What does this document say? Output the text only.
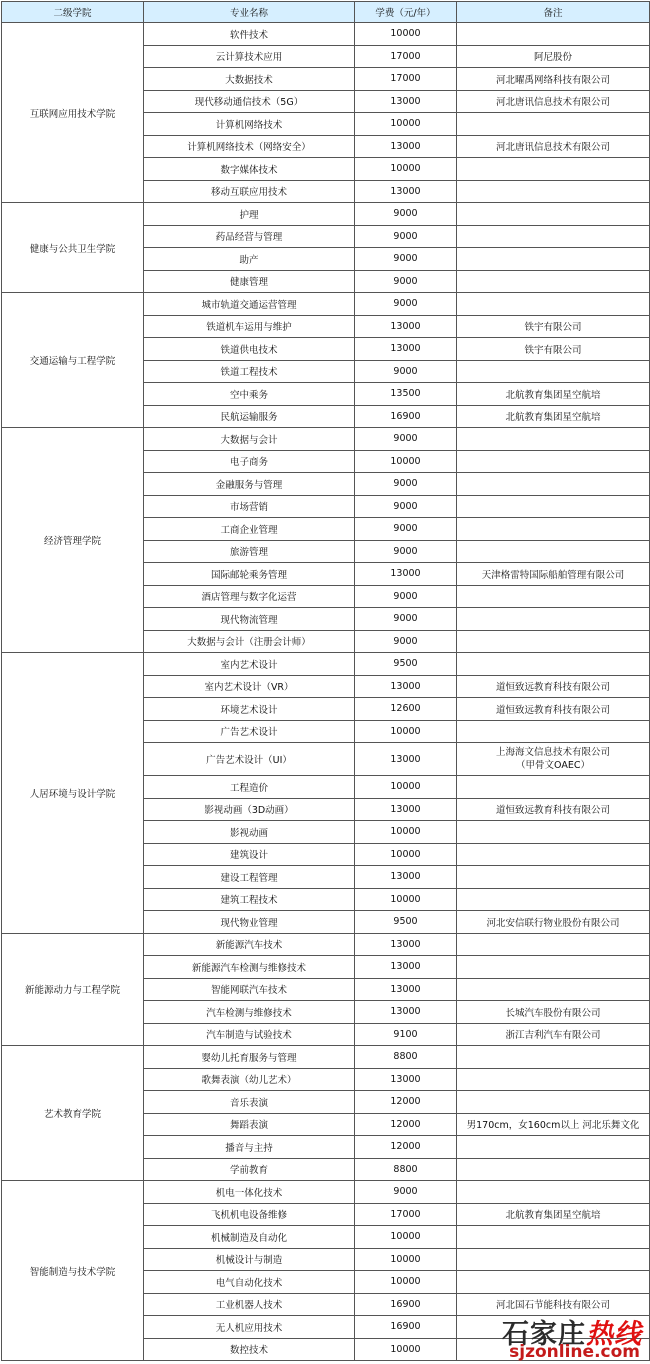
二级学院	专业名称	学费（元/年）	备注
互联网应用技术学院	软件技术	10000	
	云计算技术应用	17000	阿尼股份
	大数据技术	17000	河北曜禹网络科技有限公司
	现代移动通信技术（5G）	13000	河北唐讯信息技术有限公司
	计算机网络技术	10000	
	计算机网络技术（网络安全）	13000	河北唐讯信息技术有限公司
	数字媒体技术	10000	
	移动互联应用技术	13000	
健康与公共卫生学院	护理	9000	
	药品经营与管理	9000	
	助产	9000	
	健康管理	9000	
交通运输与工程学院	城市轨道交通运营管理	9000	
	铁道机车运用与维护	13000	铁宇有限公司
	铁道供电技术	13000	铁宇有限公司
	铁道工程技术	9000	
	空中乘务	13500	北航教育集团星空航培
	民航运输服务	16900	北航教育集团星空航培
经济管理学院	大数据与会计	9000	
	电子商务	10000	
	金融服务与管理	9000	
	市场营销	9000	
	工商企业管理	9000	
	旅游管理	9000	
	国际邮轮乘务管理	13000	天津格雷特国际船舶管理有限公司
	酒店管理与数字化运营	9000	
	现代物流管理	9000	
	大数据与会计（注册会计师）	9000	
人居环境与设计学院	室内艺术设计	9500	
	室内艺术设计（VR）	13000	道恒致远教育科技有限公司
	环境艺术设计	12600	道恒致远教育科技有限公司
	广告艺术设计	10000	
	广告艺术设计（UI）	13000	上海海文信息技术有限公司
（甲骨文OAEC）

	工程造价	10000	
	影视动画（3D动画）	13000	道恒致远教育科技有限公司
	影视动画	10000	
	建筑设计	10000	
	建设工程管理	13000	
	建筑工程技术	10000	
	现代物业管理	9500	河北安信联行物业股份有限公司
新能源动力与工程学院	新能源汽车技术	13000	
	新能源汽车检测与维修技术	13000	
	智能网联汽车技术	13000	
	汽车检测与维修技术	13000	长城汽车股份有限公司
	汽车制造与试验技术	9100	浙江吉利汽车有限公司
艺术教育学院	婴幼儿托育服务与管理	8800	
	歌舞表演（幼儿艺术）	13000	
	音乐表演	12000	
	舞蹈表演	12000	男170cm，女160cm以上 河北乐舞文化
	播音与主持	12000	
	学前教育	8800	
智能制造与技术学院	机电一体化技术	9000	
	飞机机电设备维修	17000	北航教育集团星空航培
	机械制造及自动化	10000	
	机械设计与制造	10000	
	电气自动化技术	10000	
	工业机器人技术	16900	河北国石节能科技有限公司
	无人机应用技术	16900	
	数控技术	10000		石家庄热线
sjzonline.com
